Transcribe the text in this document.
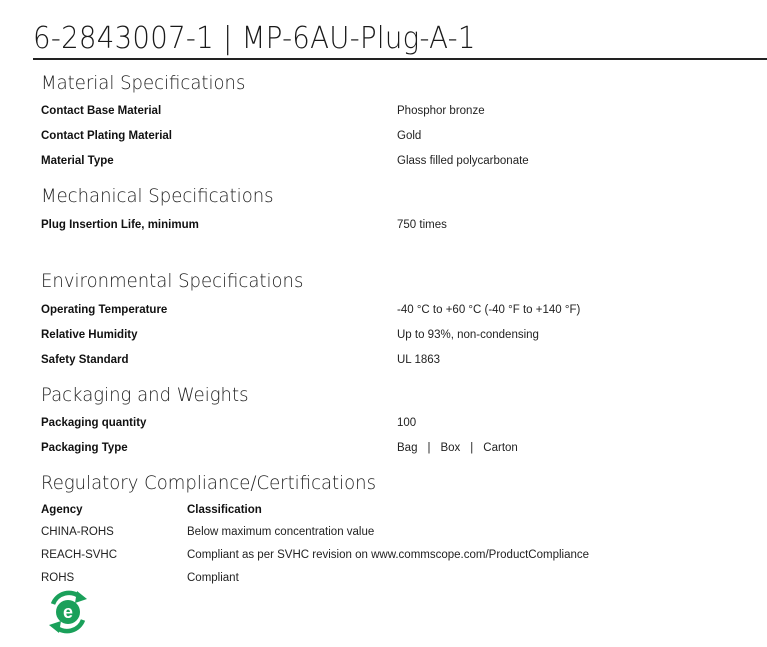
6-2843007-1 | MP-6AU-Plug-A-1
Material Specifications
Contact Base Material	Phosphor bronze
Contact Plating Material	Gold
Material Type	Glass filled polycarbonate
Mechanical Specifications
Plug Insertion Life, minimum	750 times
Environmental Specifications
Operating Temperature	-40 °C to +60 °C (-40 °F to +140 °F)
Relative Humidity	Up to 93%, non-condensing
Safety Standard	UL 1863
Packaging and Weights
Packaging quantity	100
Packaging Type	Bag | Box | Carton
Regulatory Compliance/Certifications
Agency	Classification
CHINA-ROHS	Below maximum concentration value
REACH-SVHC	Compliant as per SVHC revision on www.commscope.com/ProductCompliance
ROHS	Compliant
e
